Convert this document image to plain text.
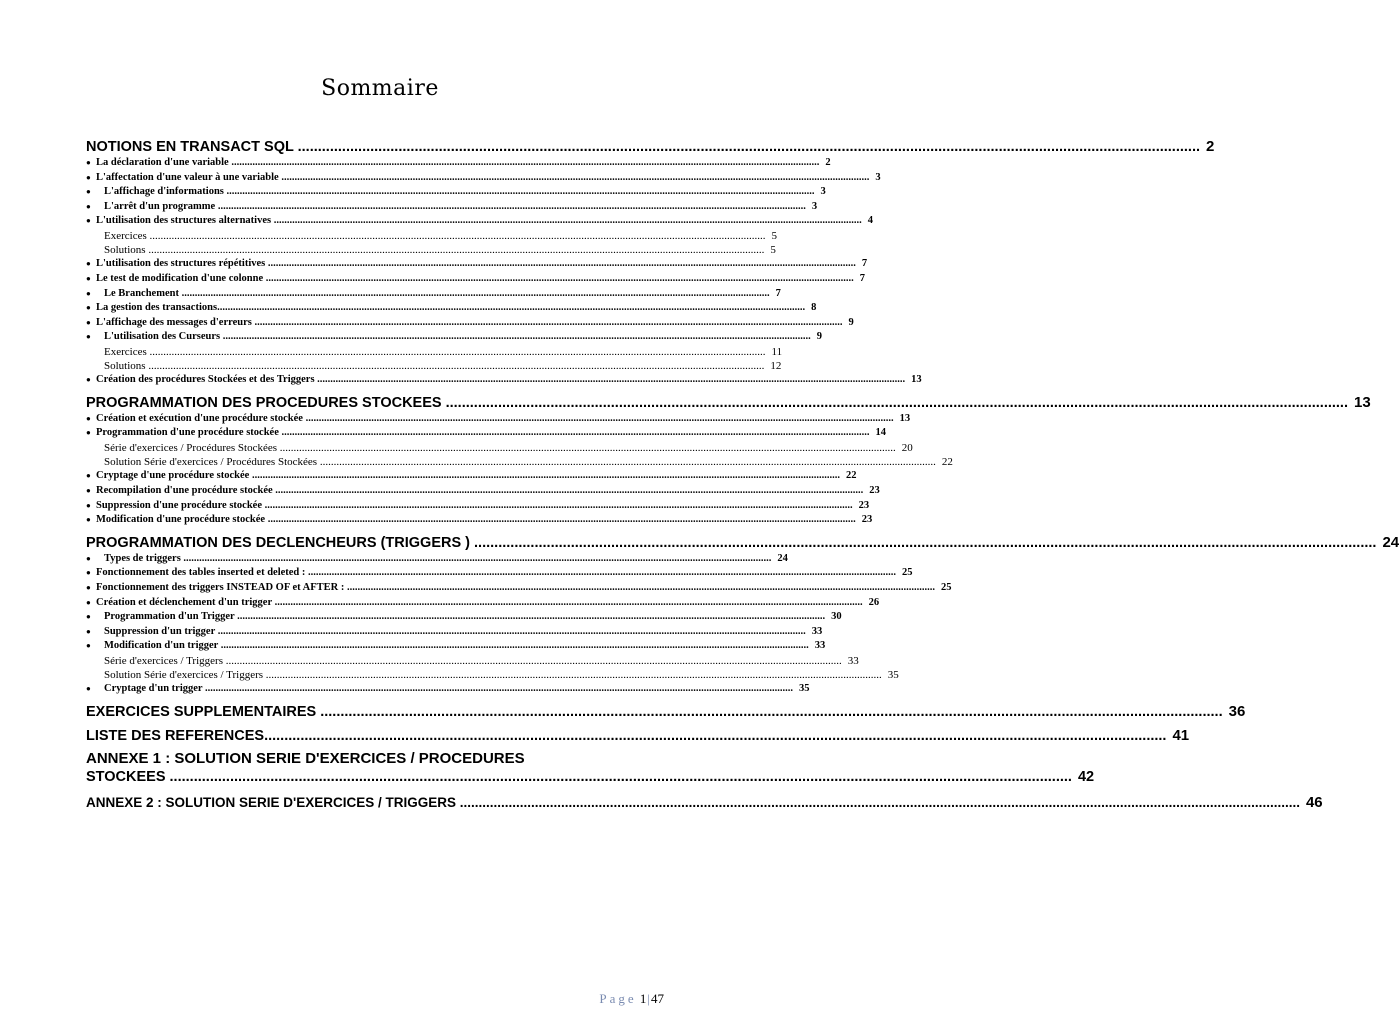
Sommaire
NOTIONS EN TRANSACT SQL ................................................................................................................................................................................................................................ 2
● La déclaration d'une variable ................................................................................................................................................................................................................................ 2
● L'affectation d'une valeur à une variable ................................................................................................................................................................................................................................ 3
● L'affichage d'informations ................................................................................................................................................................................................................................ 3
● L'arrêt d'un programme ................................................................................................................................................................................................................................ 3
● L'utilisation des structures alternatives ................................................................................................................................................................................................................................ 4
Exercices ................................................................................................................................................................................................................................ 5
Solutions ................................................................................................................................................................................................................................ 5
● L'utilisation des structures répétitives ................................................................................................................................................................................................................................ 7
● Le test de modification d'une colonne ................................................................................................................................................................................................................................ 7
● Le Branchement ................................................................................................................................................................................................................................ 7
● La gestion des transactions................................................................................................................................................................................................................................ 8
● L'affichage des messages d'erreurs ................................................................................................................................................................................................................................ 9
● L'utilisation des Curseurs ................................................................................................................................................................................................................................ 9
Exercices ................................................................................................................................................................................................................................ 11
Solutions ................................................................................................................................................................................................................................ 12
● Création des procédures Stockées et des Triggers ................................................................................................................................................................................................................................ 13
PROGRAMMATION DES PROCEDURES STOCKEES ................................................................................................................................................................................................................................ 13
● Création et exécution d'une procédure stockée ................................................................................................................................................................................................................................ 13
● Programmation d'une procédure stockée ................................................................................................................................................................................................................................ 14
Série d'exercices / Procédures Stockées ................................................................................................................................................................................................................................ 20
Solution Série d'exercices / Procédures Stockées ................................................................................................................................................................................................................................ 22
● Cryptage d'une procédure stockée ................................................................................................................................................................................................................................ 22
● Recompilation d'une procédure stockée ................................................................................................................................................................................................................................ 23
● Suppression d'une procédure stockée ................................................................................................................................................................................................................................ 23
● Modification d'une procédure stockée ................................................................................................................................................................................................................................ 23
PROGRAMMATION DES DECLENCHEURS (TRIGGERS ) ................................................................................................................................................................................................................................ 24
● Types de triggers ................................................................................................................................................................................................................................ 24
● Fonctionnement des tables inserted et deleted : ................................................................................................................................................................................................................................ 25
● Fonctionnement des triggers INSTEAD OF et AFTER : ................................................................................................................................................................................................................................ 25
● Création et déclenchement d'un trigger ................................................................................................................................................................................................................................ 26
● Programmation d'un Trigger ................................................................................................................................................................................................................................ 30
● Suppression d'un trigger ................................................................................................................................................................................................................................ 33
● Modification d'un trigger ................................................................................................................................................................................................................................ 33
Série d'exercices / Triggers ................................................................................................................................................................................................................................ 33
Solution Série d'exercices / Triggers ................................................................................................................................................................................................................................ 35
● Cryptage d'un trigger ................................................................................................................................................................................................................................ 35
EXERCICES SUPPLEMENTAIRES ................................................................................................................................................................................................................................ 36
LISTE DES REFERENCES................................................................................................................................................................................................................................ 41
ANNEXE 1 : SOLUTION SERIE D'EXERCICES / PROCEDURES
STOCKEES ................................................................................................................................................................................................................................ 42
ANNEXE 2 : SOLUTION SERIE D'EXERCICES / TRIGGERS ................................................................................................................................................................................................................................ 46
Page 1|47
